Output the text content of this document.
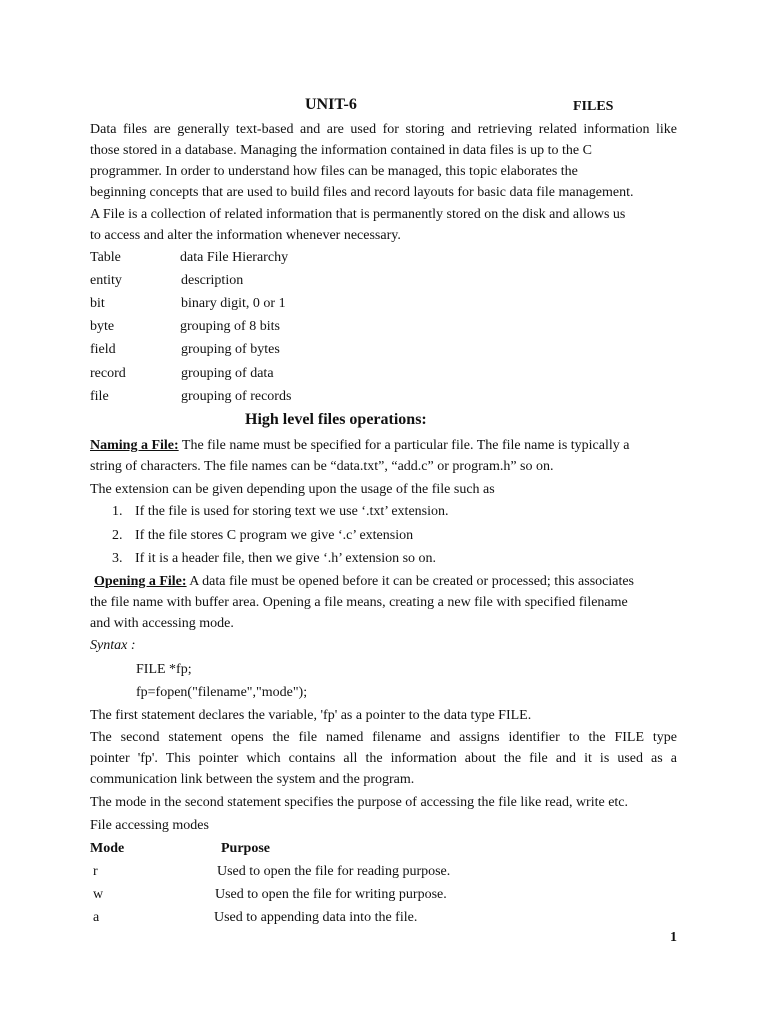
UNIT-6	FILES
Data files are generally text-based and are used for storing and retrieving related information like
those stored in a database. Managing the information contained in data files is up to the C
programmer. In order to understand how files can be managed, this topic elaborates the
beginning concepts that are used to build files and record layouts for basic data file management.
A File is a collection of related information that is permanently stored on the disk and allows us
to access and alter the information whenever necessary.
Table	data File Hierarchy
entity	description
bit	binary digit, 0 or 1
byte	grouping of 8 bits
field	grouping of bytes
record	grouping of data
file	grouping of records
High level files operations:
Naming a File: The file name must be specified for a particular file. The file name is typically a
string of characters. The file names can be “data.txt”, “add.c” or program.h” so on.
The extension can be given depending upon the usage of the file such as
1. If the file is used for storing text we use ‘.txt’ extension.
2. If the file stores C program we give ‘.c’ extension
3. If it is a header file, then we give ‘.h’ extension so on.
Opening a File: A data file must be opened before it can be created or processed; this associates
the file name with buffer area. Opening a file means, creating a new file with specified filename
and with accessing mode.
Syntax :
FILE *fp;
fp=fopen("filename","mode");
The first statement declares the variable, 'fp' as a pointer to the data type FILE.
The second statement opens the file named filename and assigns identifier to the FILE type
pointer 'fp'. This pointer which contains all the information about the file and it is used as a
communication link between the system and the program.
The mode in the second statement specifies the purpose of accessing the file like read, write etc.
File accessing modes
Mode	Purpose
r	Used to open the file for reading purpose.
w	Used to open the file for writing purpose.
a	Used to appending data into the file.
1
